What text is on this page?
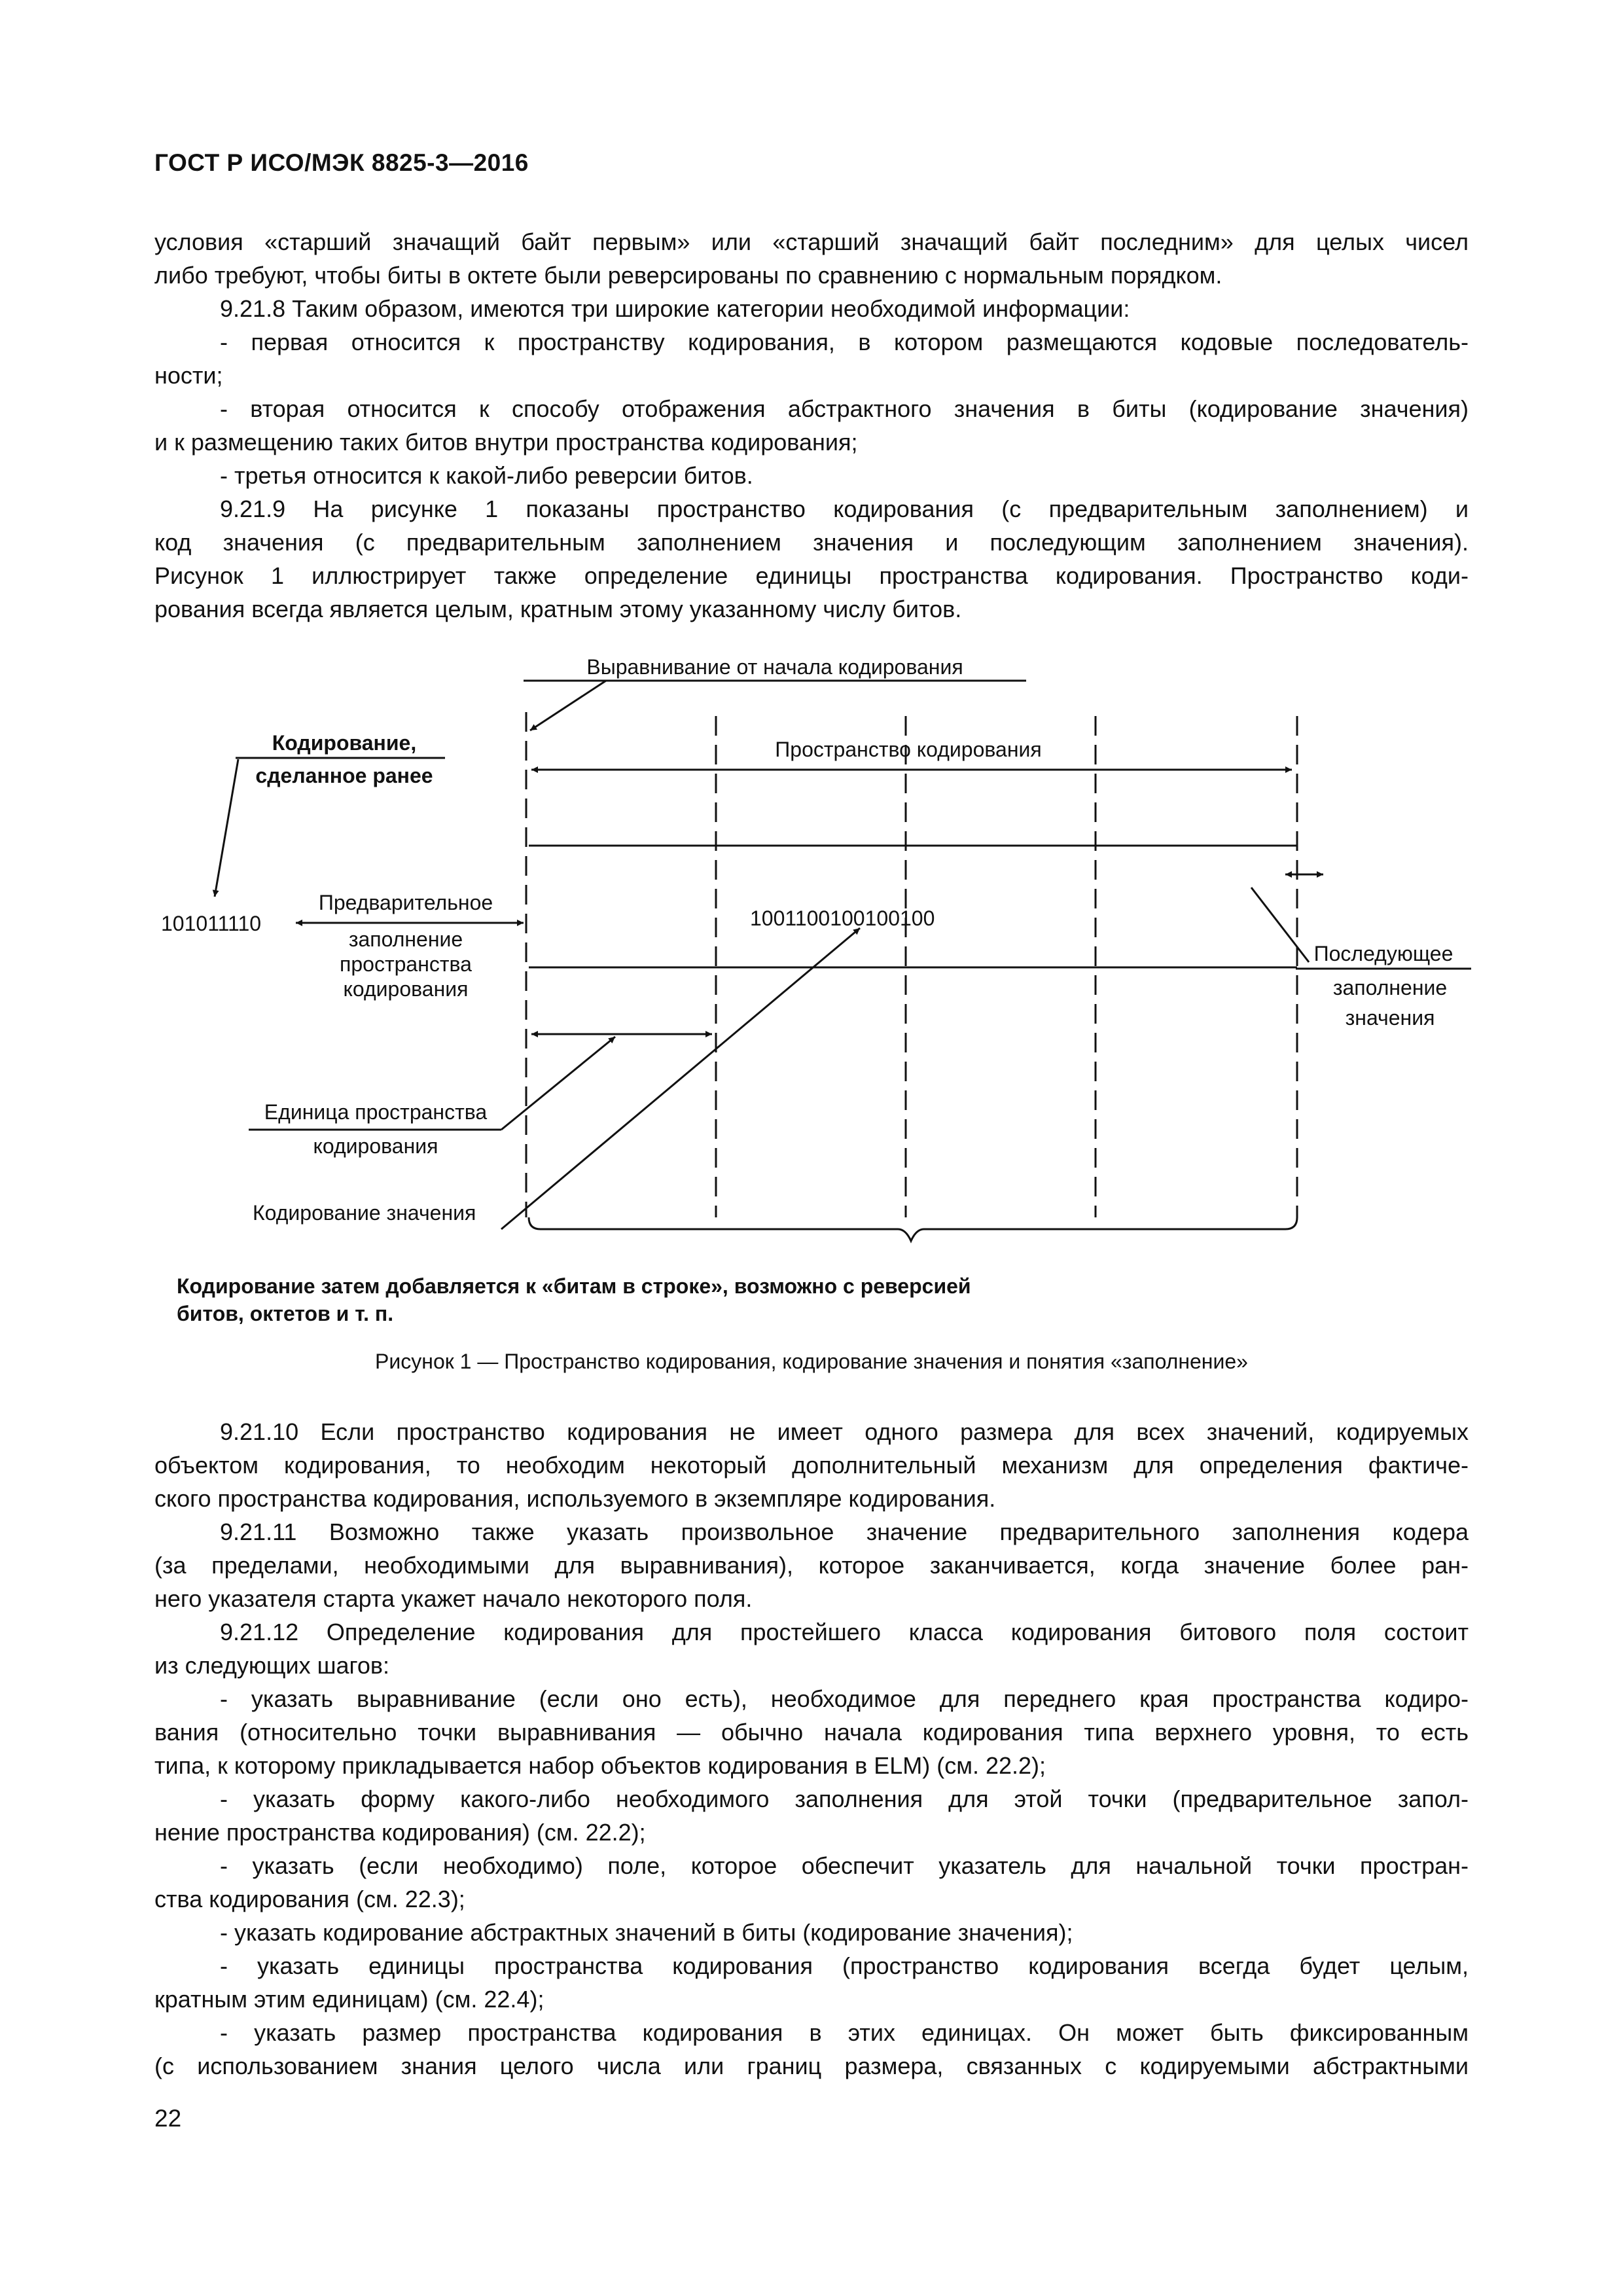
ГОСТ Р ИСО/МЭК 8825-3—2016
условия «старший значащий байт первым» или «старший значащий байт последним» для целых чисел
либо требуют, чтобы биты в октете были реверсированы по сравнению с нормальным порядком.
9.21.8 Таким образом, имеются три широкие категории необходимой информации:
- первая относится к пространству кодирования, в котором размещаются кодовые последователь-
ности;
- вторая относится к способу отображения абстрактного значения в биты (кодирование значения)
и к размещению таких битов внутри пространства кодирования;
- третья относится к какой-либо реверсии битов.
9.21.9 На рисунке 1 показаны пространство кодирования (с предварительным заполнением) и
код значения (с предварительным заполнением значения и последующим заполнением значения).
Рисунок 1 иллюстрирует также определение единицы пространства кодирования. Пространство коди-
рования всегда является целым, кратным этому указанному числу битов.
Выравнивание от начала кодирования
Кодирование,
сделанное ранее
Пространство кодирования
101011110
Предварительное
заполнение
пространства
кодирования
1001100100100100
Последующее
заполнение
значения
Единица пространства
кодирования
Кодирование значения
Кодирование затем добавляется к «битам в строке», возможно с реверсией
битов, октетов и т. п.
Рисунок 1 — Пространство кодирования, кодирование значения и понятия «заполнение»
9.21.10 Если пространство кодирования не имеет одного размера для всех значений, кодируемых
объектом кодирования, то необходим некоторый дополнительный механизм для определения фактиче-
ского пространства кодирования, используемого в экземпляре кодирования.
9.21.11 Возможно также указать произвольное значение предварительного заполнения кодера
(за пределами, необходимыми для выравнивания), которое заканчивается, когда значение более ран-
него указателя старта укажет начало некоторого поля.
9.21.12 Определение кодирования для простейшего класса кодирования битового поля состоит
из следующих шагов:
- указать выравнивание (если оно есть), необходимое для переднего края пространства кодиро-
вания (относительно точки выравнивания — обычно начала кодирования типа верхнего уровня, то есть
типа, к которому прикладывается набор объектов кодирования в ELM) (см. 22.2);
- указать форму какого-либо необходимого заполнения для этой точки (предварительное запол-
нение пространства кодирования) (см. 22.2);
- указать (если необходимо) поле, которое обеспечит указатель для начальной точки простран-
ства кодирования (см. 22.3);
- указать кодирование абстрактных значений в биты (кодирование значения);
- указать единицы пространства кодирования (пространство кодирования всегда будет целым,
кратным этим единицам) (см. 22.4);
- указать размер пространства кодирования в этих единицах. Он может быть фиксированным
(с использованием знания целого числа или границ размера, связанных с кодируемыми абстрактными
22
